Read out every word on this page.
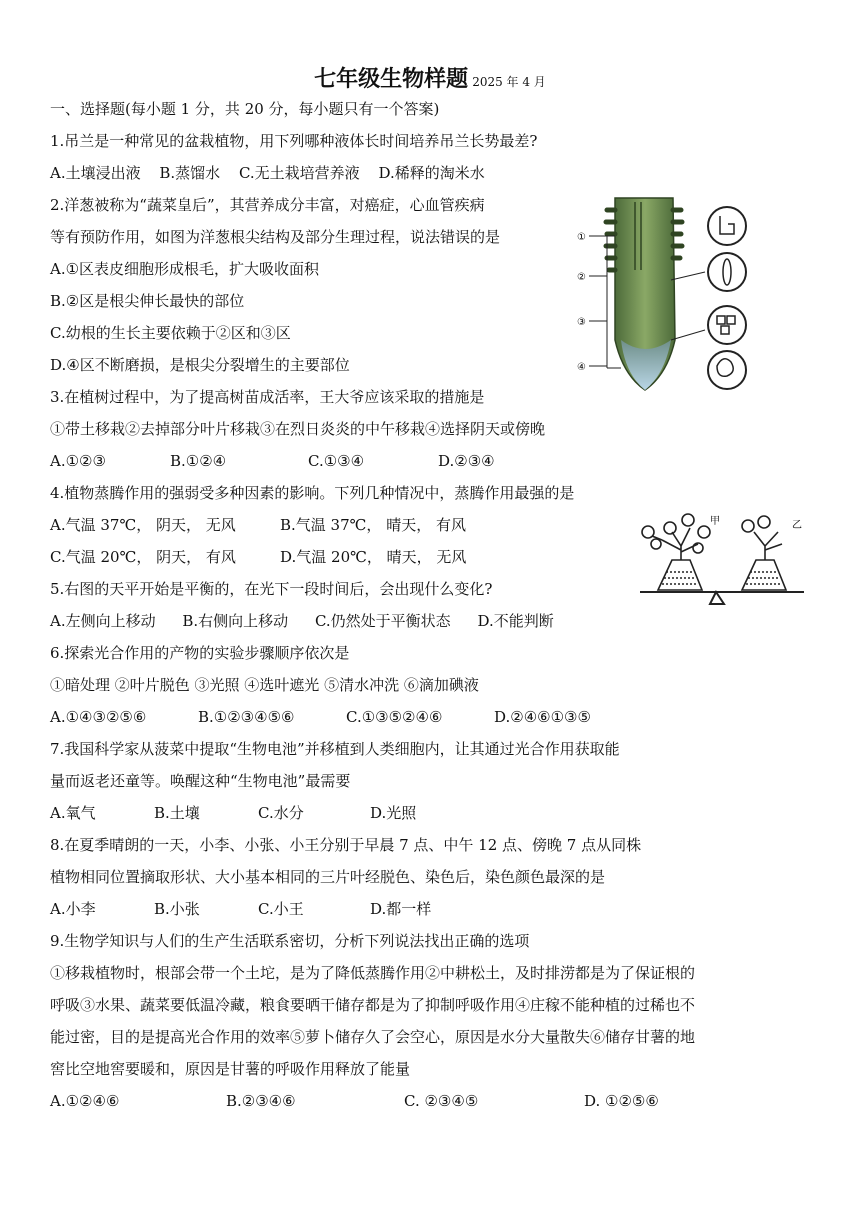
七年级生物样题 2025 年 4 月
一、选择题(每小题 1 分，共 20 分，每小题只有一个答案)
1.吊兰是一种常见的盆栽植物，用下列哪种液体长时间培养吊兰长势最差?
A.土壤浸出液 B.蒸馏水 C.无土栽培营养液 D.稀释的淘米水
2.洋葱被称为“蔬菜皇后”，其营养成分丰富，对癌症，心血管疾病
等有预防作用，如图为洋葱根尖结构及部分生理过程，说法错误的是
A.①区表皮细胞形成根毛，扩大吸收面积
B.②区是根尖伸长最快的部位
C.幼根的生长主要依赖于②区和③区
D.④区不断磨损，是根尖分裂增生的主要部位
3.在植树过程中，为了提高树苗成活率，王大爷应该采取的措施是
①带土移栽②去掉部分叶片移栽③在烈日炎炎的中午移栽④选择阴天或傍晚
A.①②③	B.①②④	C.①③④	D.②③④
4.植物蒸腾作用的强弱受多种因素的影响。下列几种情况中，蒸腾作用最强的是
A.气温 37℃， 阴天， 无风	B.气温 37℃， 晴天， 有风
C.气温 20℃， 阴天， 有风	D.气温 20℃， 晴天， 无风
5.右图的天平开始是平衡的，在光下一段时间后，会出现什么变化?
A.左侧向上移动 B.右侧向上移动 C.仍然处于平衡状态 D.不能判断
6.探索光合作用的产物的实验步骤顺序依次是
①暗处理 ②叶片脱色 ③光照 ④选叶遮光 ⑤清水冲洗 ⑥滴加碘液
A.①④③②⑤⑥	B.①②③④⑤⑥	C.①③⑤②④⑥	D.②④⑥①③⑤
7.我国科学家从菠菜中提取“生物电池”并移植到人类细胞内，让其通过光合作用获取能
量而返老还童等。唤醒这种“生物电池”最需要
A.氧气	B.土壤	C.水分	D.光照
8.在夏季晴朗的一天，小李、小张、小王分别于早晨 7 点、中午 12 点、傍晚 7 点从同株
植物相同位置摘取形状、大小基本相同的三片叶经脱色、染色后，染色颜色最深的是
A.小李	B.小张	C.小王	D.都一样
9.生物学知识与人们的生产生活联系密切，分析下列说法找出正确的选项
①移栽植物时，根部会带一个土坨，是为了降低蒸腾作用②中耕松土，及时排涝都是为了保证根的
呼吸③水果、蔬菜要低温冷藏，粮食要晒干储存都是为了抑制呼吸作用④庄稼不能种植的过稀也不
能过密，目的是提高光合作用的效率⑤萝卜储存久了会空心，原因是水分大量散失⑥储存甘薯的地
窖比空地窖要暖和，原因是甘薯的呼吸作用释放了能量
A.①②④⑥	B.②③④⑥	C. ②③④⑤	D. ①②⑤⑥
①
②
③
④
甲	乙
